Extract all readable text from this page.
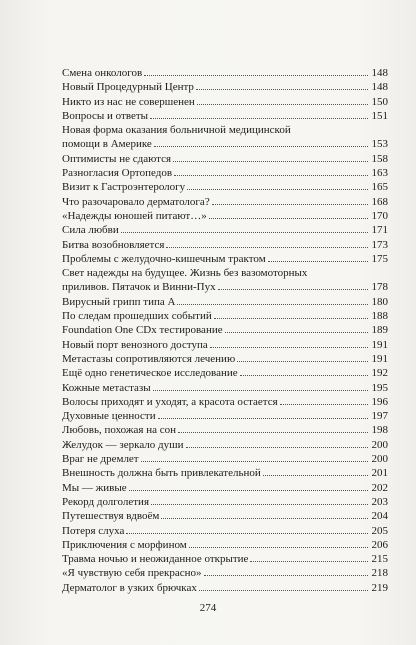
Смена онкологов	148
Новый Процедурный Центр	148
Никто из нас не совершенен	150
Вопросы и ответы	151
Новая форма оказания больничной медицинской
помощи в Америке	153
Оптимисты не сдаются	158
Разногласия Ортопедов	163
Визит к Гастроэнтерологу	165
Что разочаровало дерматолога?	168
«Надежды юношей питают…»	170
Сила любви	171
Битва возобновляется	173
Проблемы с желудочно-кишечным трактом	175
Свет надежды на будущее. Жизнь без вазомоторных
приливов. Пятачок и Винни-Пух	178
Вирусный грипп типа А	180
По следам прошедших событий	188
Foundation One CDx тестирование	189
Новый порт венозного доступа	191
Метастазы сопротивляются лечению	191
Ещё одно генетическое исследование	192
Кожные метастазы	195
Волосы приходят и уходят, а красота остается	196
Духовные ценности	197
Любовь, похожая на сон	198
Желудок — зеркало души	200
Враг не дремлет	200
Внешность должна быть привлекательной	201
Мы — живые	202
Рекорд долголетия	203
Путешествуя вдвоём	204
Потеря слуха	205
Приключения с морфином	206
Травма ночью и неожиданное открытие	215
«Я чувствую себя прекрасно»	218
Дерматолог в узких брючках	219
274
